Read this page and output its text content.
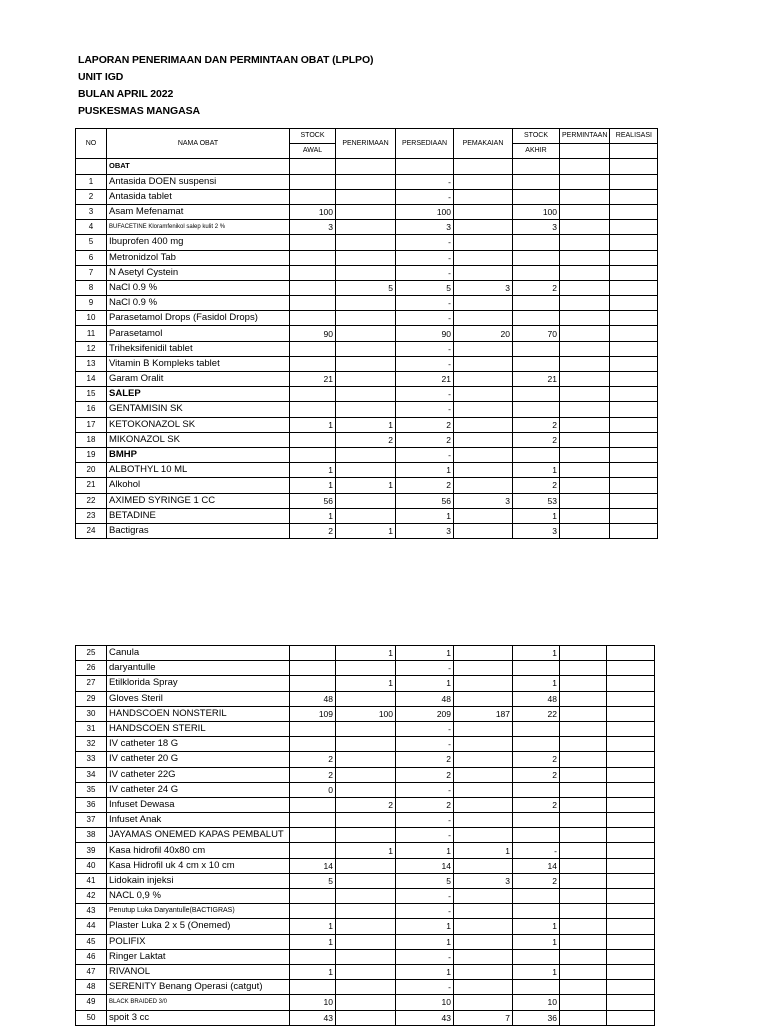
LAPORAN PENERIMAAN DAN PERMINTAAN OBAT (LPLPO)
UNIT IGD
BULAN APRIL 2022
PUSKESMAS MANGASA
NO	NAMA OBAT	STOCK	PENERIMAAN	PERSEDIAAN	PEMAKAIAN	STOCK	PERMINTAAN	REALISASI
		AWAL				AKHIR		
	OBAT							
1	Antasida DOEN suspensi			-				
2	Antasida tablet			-				
3	Asam Mefenamat	100		100		100		
4	BUFACETINE Kloramfenikol salep kulit 2 %	3		3		3		
5	Ibuprofen 400 mg			-				
6	Metronidzol Tab			-				
7	N Asetyl Cystein			-				
8	NaCl 0.9 %		5	5	3	2		
9	NaCl 0.9 %			-				
10	Parasetamol Drops (Fasidol Drops)			-				
11	Parasetamol	90		90	20	70		
12	Triheksifenidil tablet			-				
13	Vitamin B Kompleks tablet			-				
14	Garam Oralit	21		21		21		
15	SALEP			-				
16	GENTAMISIN SK			-				
17	KETOKONAZOL SK	1	1	2		2		
18	MIKONAZOL SK		2	2		2		
19	BMHP			-				
20	ALBOTHYL 10 ML	1		1		1		
21	Alkohol	1	1	2		2		
22	AXIMED SYRINGE 1 CC	56		56	3	53		
23	BETADINE	1		1		1		
24	Bactigras	2	1	3		3		
25	Canula		1	1		1		
26	daryantulle			-				
27	Etilklorida Spray		1	1		1		
29	Gloves Steril	48		48		48		
30	HANDSCOEN NONSTERIL	109	100	209	187	22		
31	HANDSCOEN STERIL			-				
32	IV catheter 18 G			-				
33	IV catheter 20 G	2		2		2		
34	IV catheter 22G	2		2		2		
35	IV catheter 24 G	0		-				
36	Infuset Dewasa		2	2		2		
37	Infuset Anak			-				
38	JAYAMAS ONEMED KAPAS PEMBALUT			-				
39	Kasa hidrofil 40x80 cm		1	1	1	-		
40	Kasa Hidrofil uk 4 cm x 10 cm	14		14		14		
41	Lidokain injeksi	5		5	3	2		
42	NACL 0,9 %			-				
43	Penutup Luka Daryantulle(BACTIGRAS)			-				
44	Plaster Luka 2 x 5 (Onemed)	1		1		1		
45	POLIFIX	1		1		1		
46	Ringer Laktat			-				
47	RIVANOL	1		1		1		
48	SERENITY Benang Operasi (catgut)			-				
49	BLACK BRAIDED 3/0	10		10		10		
50	spoit 3 cc	43		43	7	36		
